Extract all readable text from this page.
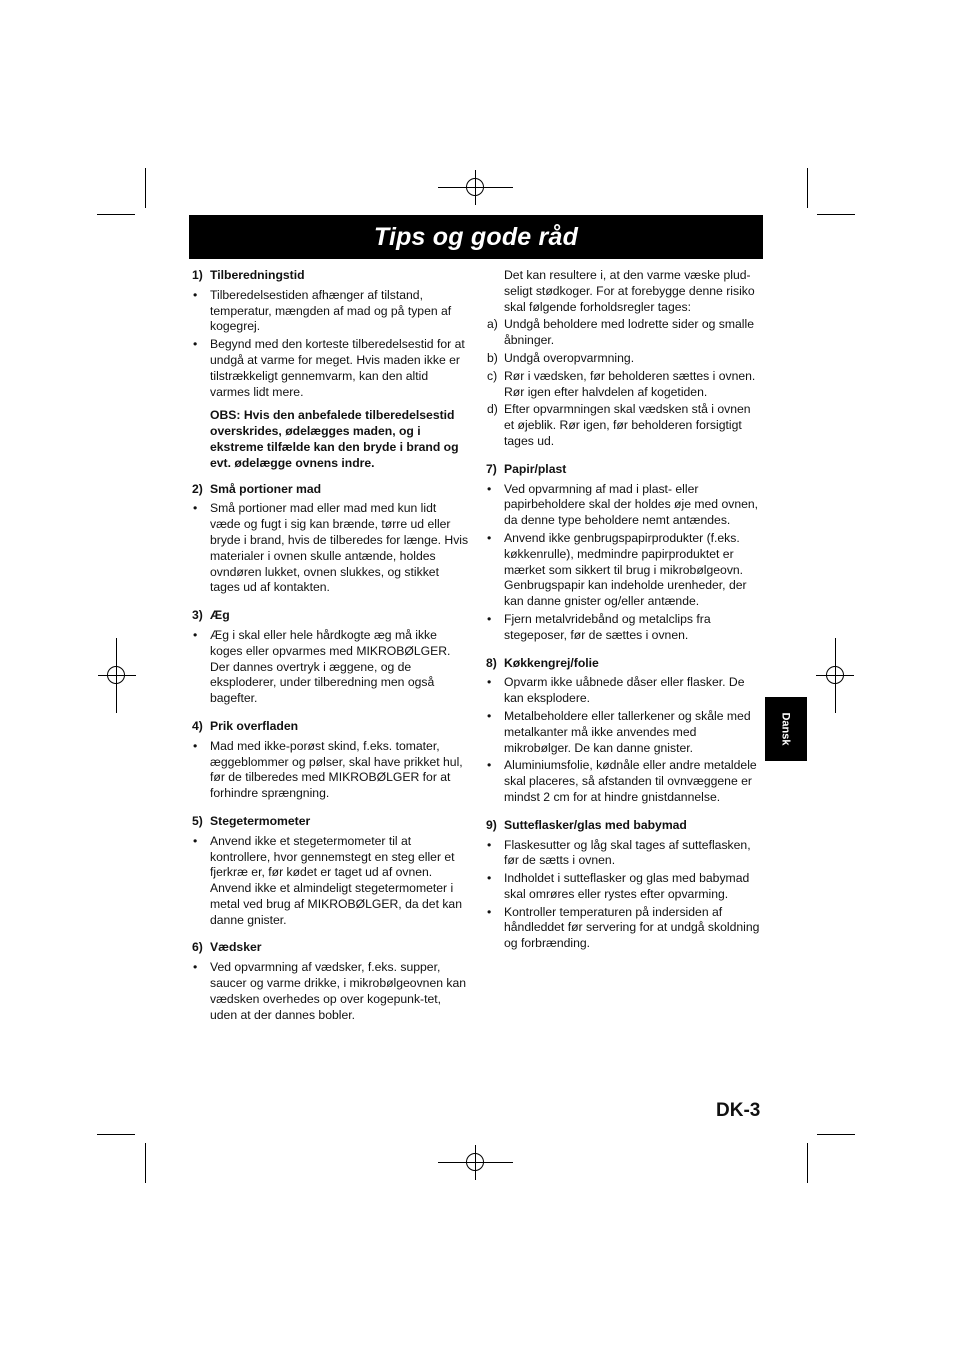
Tips og gode råd
1) Tilberedningstid
•	Tilberedelsestiden afhænger af tilstand, temperatur, mængden af mad og på typen af kogegrej.
•	Begynd med den korteste tilberedelsestid for at undgå at varme for meget. Hvis maden ikke er tilstrækkeligt gennemvarm, kan den altid varmes lidt mere.
OBS: Hvis den anbefalede tilberedelsestid overskrides, ødelægges maden, og i ekstreme tilfælde kan den bryde i brand og evt. ødelægge ovnens indre.
2) Små portioner mad
•	Små portioner mad eller mad med kun lidt væde og fugt i sig kan brænde, tørre ud eller bryde i brand, hvis de tilberedes for længe. Hvis materialer i ovnen skulle antænde, holdes ovndøren lukket, ovnen slukkes, og stikket tages ud af kontakten.
3) Æg
•	Æg i skal eller hele hårdkogte æg må ikke koges eller opvarmes med MIKROBØLGER. Der dannes overtryk i æggene, og de eksploderer, under tilberedning men også bagefter.
4) Prik overfladen
•	Mad med ikke-porøst skind, f.eks. tomater, æggeblommer og pølser, skal have prikket hul, før de tilberedes med MIKROBØLGER for at forhindre sprængning.
5) Stegetermometer
•	Anvend ikke et stegetermometer til at kontrollere, hvor gennemstegt en steg eller et fjerkræ er, før kødet er taget ud af ovnen. Anvend ikke et almindeligt stegetermometer i metal ved brug af MIKROBØLGER, da det kan danne gnister.
6) Vædsker
•	Ved opvarmning af vædsker, f.eks. supper, saucer og varme drikke, i mikrobølgeovnen kan vædsken overhedes op over kogepunk-tet, uden at der dannes bobler.
Det kan resultere i, at den varme væske plud-seligt stødkoger. For at forebygge denne risiko skal følgende forholdsregler tages:
a) Undgå beholdere med lodrette sider og smalle åbninger.
b) Undgå overopvarmning.
c) Rør i vædsken, før beholderen sættes i ovnen. Rør igen efter halvdelen af kogetiden.
d) Efter opvarmningen skal vædsken stå i ovnen et øjeblik. Rør igen, før beholderen forsigtigt tages ud.
7) Papir/plast
•	Ved opvarmning af mad i plast- eller papirbeholdere skal der holdes øje med ovnen, da denne type beholdere nemt antændes.
•	Anvend ikke genbrugspapirprodukter (f.eks. køkkenrulle), medmindre papirproduktet er mærket som sikkert til brug i mikrobølgeovn. Genbrugspapir kan indeholde urenheder, der kan danne gnister og/eller antænde.
•	Fjern metalvridebånd og metalclips fra stegeposer, før de sættes i ovnen.
8) Køkkengrej/folie
•	Opvarm ikke uåbnede dåser eller flasker. De kan eksplodere.
•	Metalbeholdere eller tallerkener og skåle med metalkanter må ikke anvendes med mikrobølger. De kan danne gnister.
•	Aluminiumsfolie, kødnåle eller andre metaldele skal placeres, så afstanden til ovnvæggene er mindst 2 cm for at hindre gnistdannelse.
9) Sutteflasker/glas med babymad
•	Flaskesutter og låg skal tages af sutteflasken, før de sætts i ovnen.
•	Indholdet i sutteflasker og glas med babymad skal omrøres eller rystes efter opvarming.
•	Kontroller temperaturen på indersiden af håndleddet før servering for at undgå skoldning og forbrænding.
Dansk
DK-3
